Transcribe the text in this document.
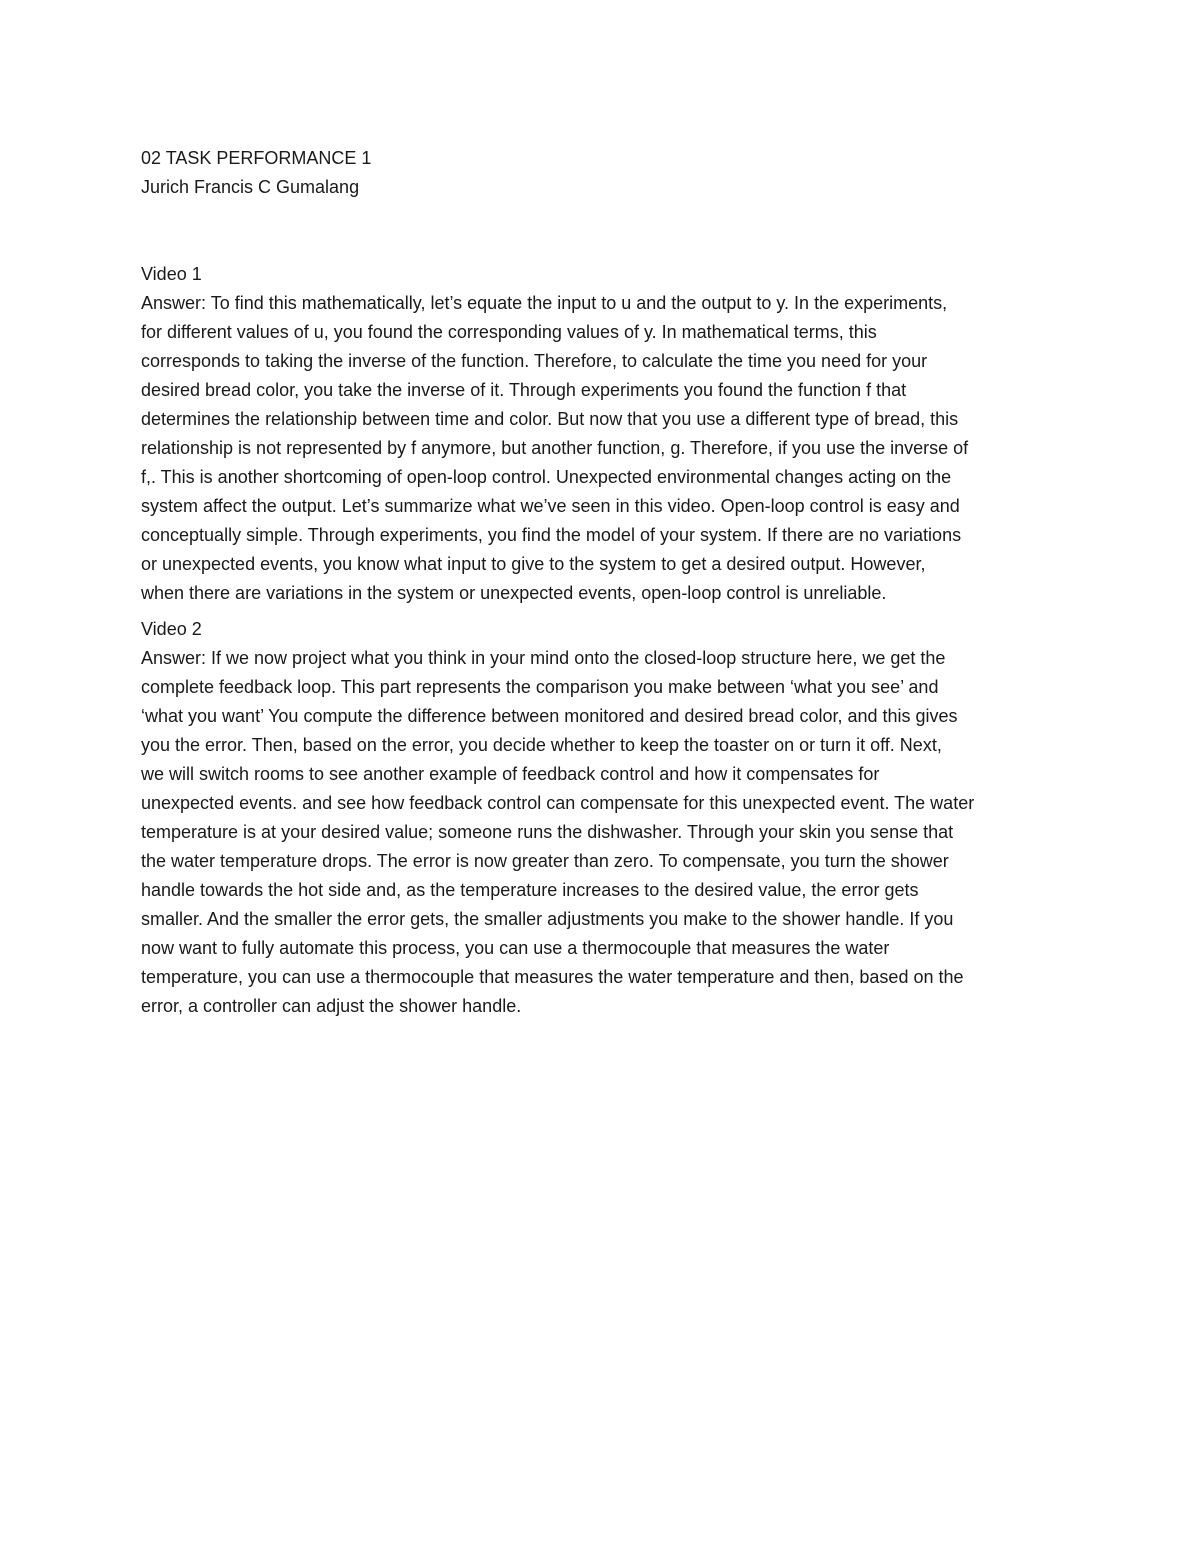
02 TASK PERFORMANCE 1
Jurich Francis C Gumalang
Video 1
Answer: To find this mathematically, let’s equate the input to u and the output to y. In the experiments,
for different values of u, you found the corresponding values of y. In mathematical terms, this
corresponds to taking the inverse of the function. Therefore, to calculate the time you need for your
desired bread color, you take the inverse of it. Through experiments you found the function f that
determines the relationship between time and color. But now that you use a different type of bread, this
relationship is not represented by f anymore, but another function, g. Therefore, if you use the inverse of
f,. This is another shortcoming of open-loop control. Unexpected environmental changes acting on the
system affect the output. Let’s summarize what we’ve seen in this video. Open-loop control is easy and
conceptually simple. Through experiments, you find the model of your system. If there are no variations
or unexpected events, you know what input to give to the system to get a desired output. However,
when there are variations in the system or unexpected events, open-loop control is unreliable.
Video 2
Answer: If we now project what you think in your mind onto the closed-loop structure here, we get the
complete feedback loop. This part represents the comparison you make between ‘what you see’ and
‘what you want’ You compute the difference between monitored and desired bread color, and this gives
you the error. Then, based on the error, you decide whether to keep the toaster on or turn it off. Next,
we will switch rooms to see another example of feedback control and how it compensates for
unexpected events. and see how feedback control can compensate for this unexpected event. The water
temperature is at your desired value; someone runs the dishwasher. Through your skin you sense that
the water temperature drops. The error is now greater than zero. To compensate, you turn the shower
handle towards the hot side and, as the temperature increases to the desired value, the error gets
smaller. And the smaller the error gets, the smaller adjustments you make to the shower handle. If you
now want to fully automate this process, you can use a thermocouple that measures the water
temperature, you can use a thermocouple that measures the water temperature and then, based on the
error, a controller can adjust the shower handle.
